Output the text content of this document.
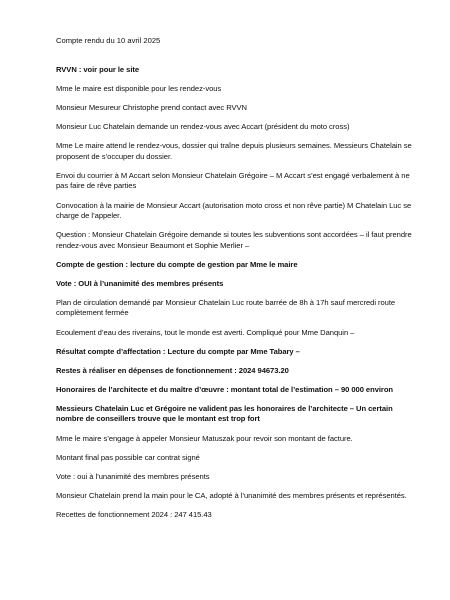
Compte rendu du 10 avril 2025

RVVN : voir pour le site

Mme le maire est disponible pour les rendez-vous

Monsieur Mesureur Christophe prend contact avec RVVN

Monsieur Luc Chatelain demande un rendez-vous avec Accart (président du moto cross)

Mme Le maire attend le rendez-vous, dossier qui traîne depuis plusieurs semaines. Messieurs Chatelain se proposent de s’occuper du dossier.

Envoi du courrier à M Accart selon Monsieur Chatelain Grégoire – M Accart s’est engagé verbalement à ne pas faire de rêve parties

Convocation à la mairie de Monsieur Accart (autorisation moto cross et non rêve partie) M Chatelain Luc se charge de l’appeler.

Question : Monsieur Chatelain Grégoire demande si toutes les subventions sont accordées – il faut prendre rendez-vous avec Monsieur Beaumont et Sophie Merlier –

Compte de gestion : lecture du compte de gestion par Mme le maire

Vote : OUI à l’unanimité des membres présents

Plan de circulation demandé par Monsieur Chatelain Luc route barrée de 8h à 17h sauf mercredi route complètement fermée

Ecoulement d’eau des riverains, tout le monde est averti. Compliqué pour Mme Danquin –

Résultat compte d’affectation : Lecture du compte par Mme Tabary –

Restes à réaliser en dépenses de fonctionnement : 2024 94673.20

Honoraires de l’architecte et du maître d’œuvre : montant total de l’estimation – 90 000 environ

Messieurs Chatelain Luc et Grégoire ne valident pas les honoraires de l’architecte – Un certain nombre de conseillers trouve que le montant est trop fort

Mme le maire s’engage à appeler Monsieur Matuszak pour revoir son montant de facture.

Montant final pas possible car contrat signé

Vote : oui à l’unanimité des membres présents

Monsieur Chatelain prend la main pour le CA, adopté à l’unanimité des membres présents et représentés.

Recettes de fonctionnement 2024 : 247 415.43
